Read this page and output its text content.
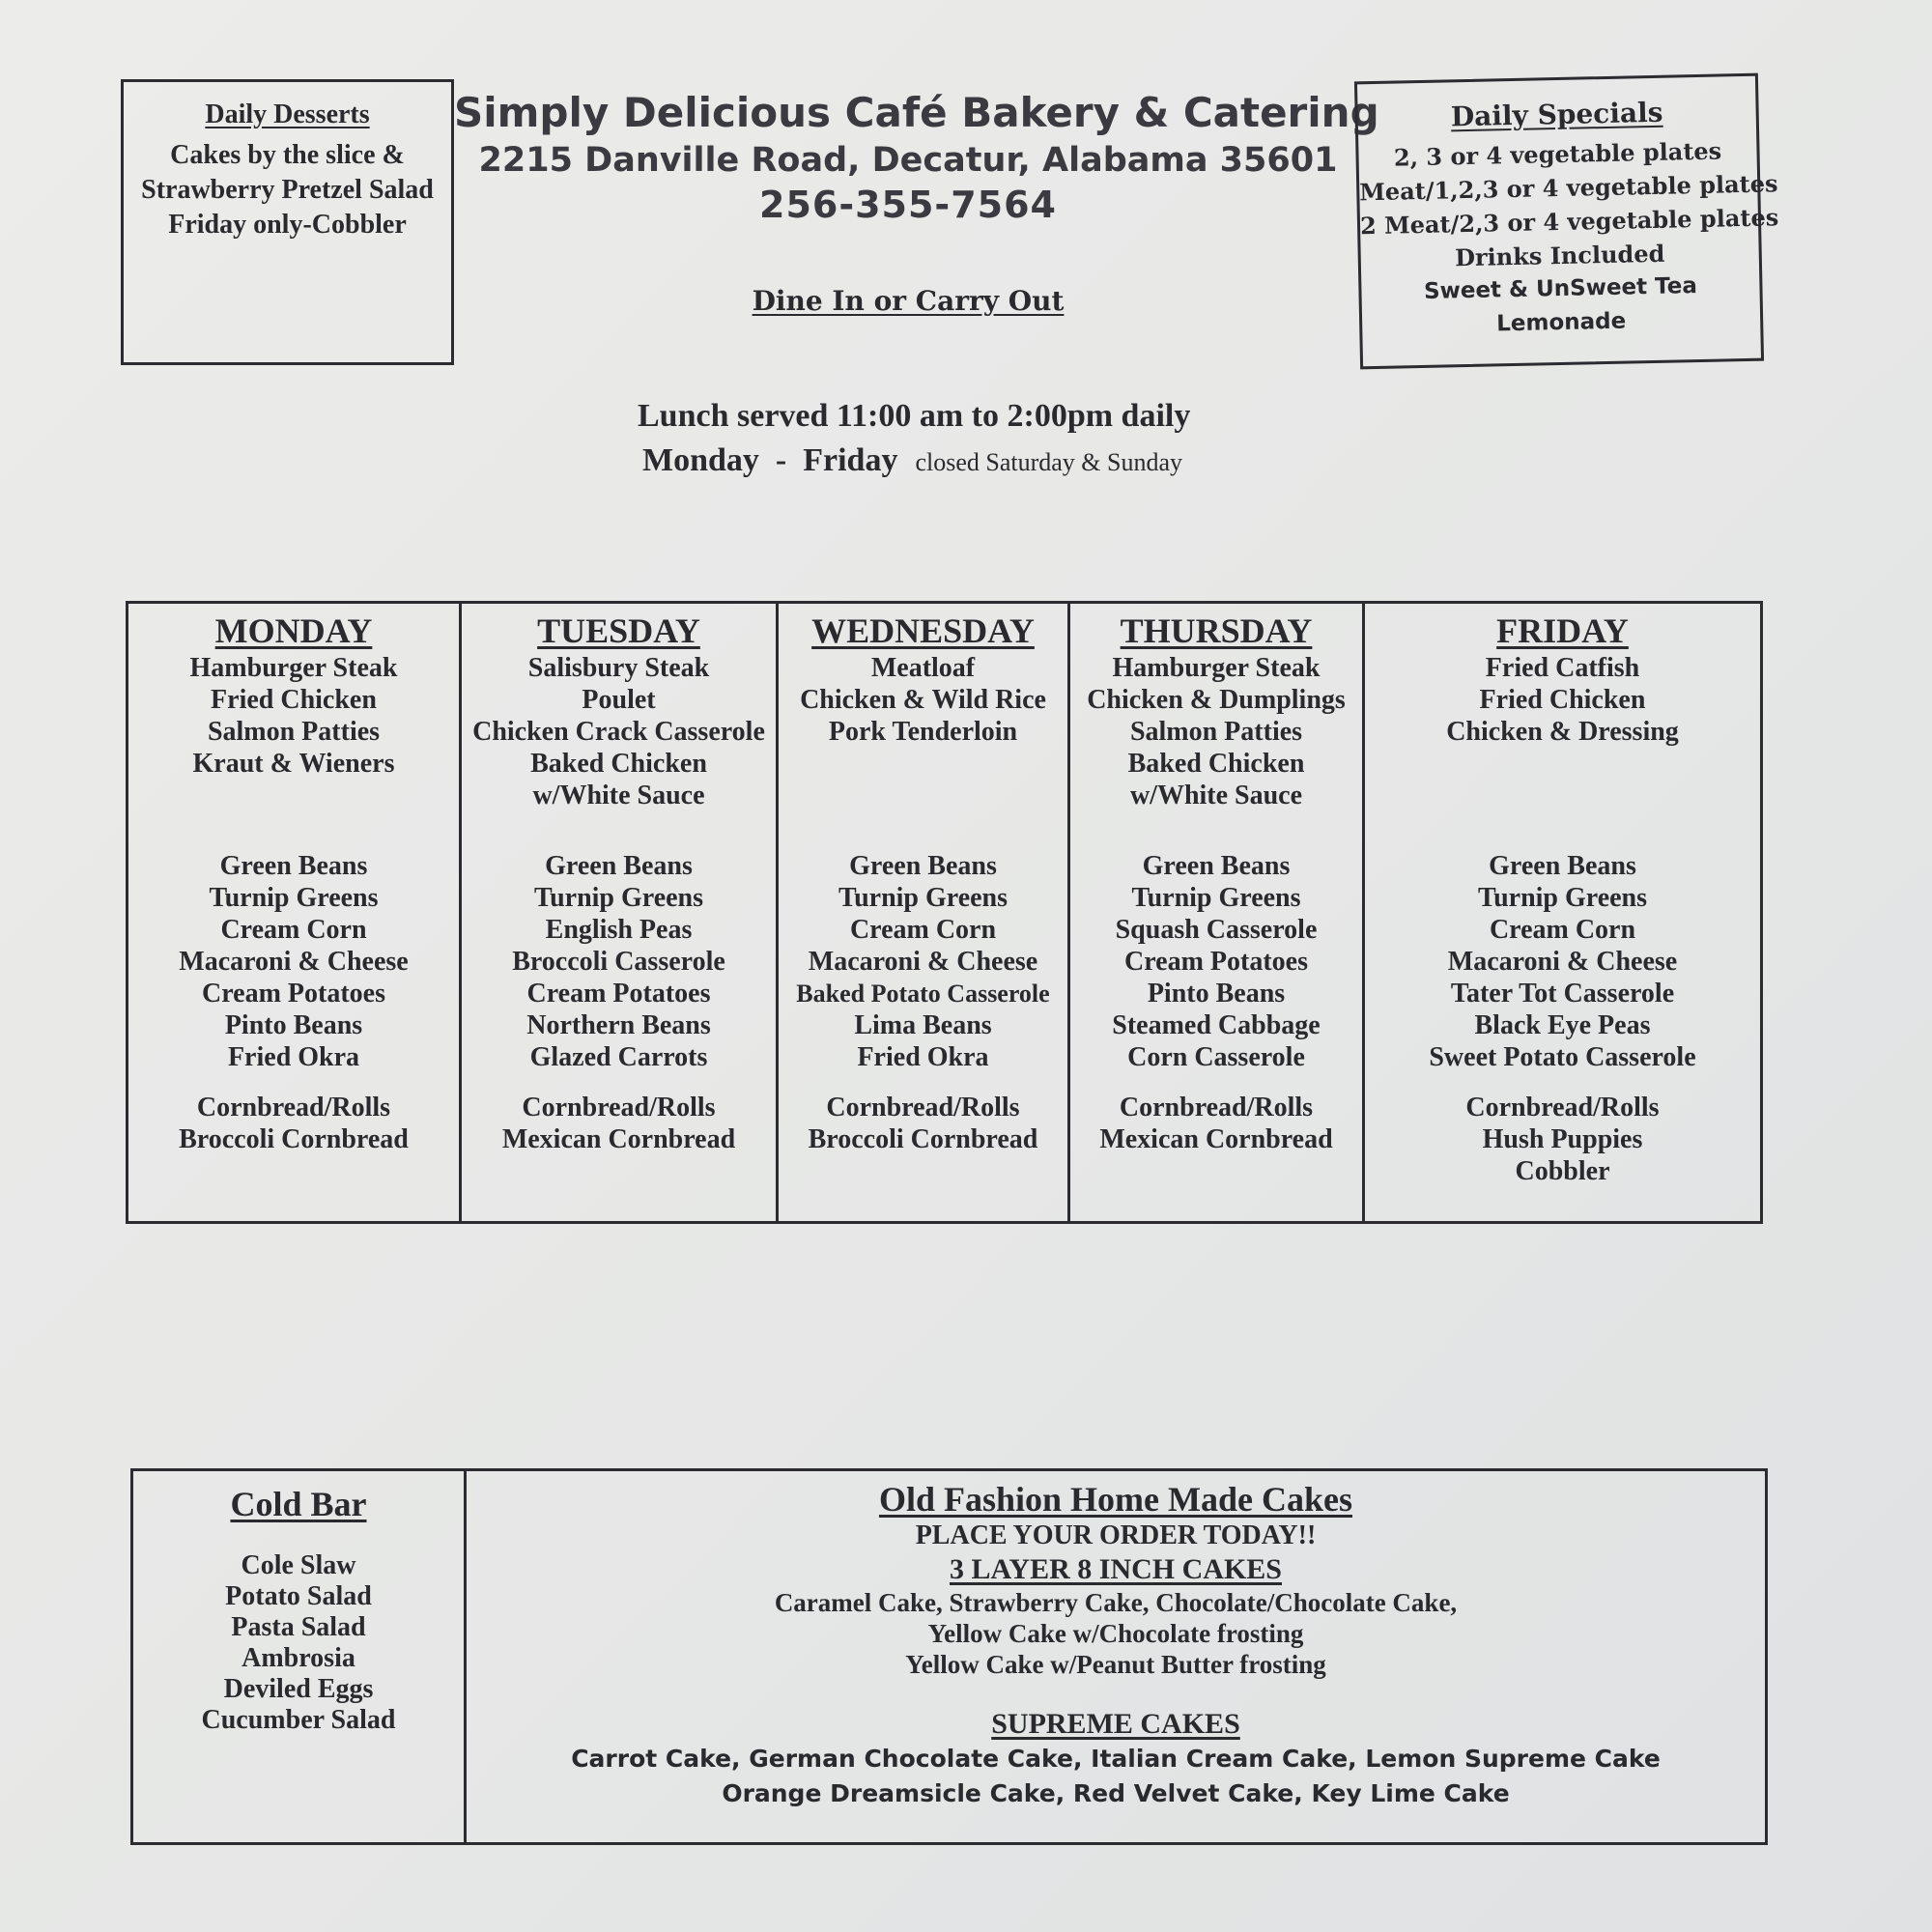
Daily Desserts
Cakes by the slice &
Strawberry Pretzel Salad
Friday only-Cobbler
Simply Delicious Café Bakery & Catering
2215 Danville Road, Decatur, Alabama 35601
256-355-7564
Dine In or Carry Out
Daily Specials
2, 3 or 4 vegetable plates
Meat/1,2,3 or 4 vegetable plates
2 Meat/2,3 or 4 vegetable plates
Drinks Included
Sweet & UnSweet Tea
Lemonade
Lunch served 11:00 am to 2:00pm daily
Monday  -  Friday closed Saturday & Sunday
MONDAY
Hamburger Steak
Fried Chicken
Salmon Patties
Kraut & Wieners
Green Beans
Turnip Greens
Cream Corn
Macaroni & Cheese
Cream Potatoes
Pinto Beans
Fried Okra
Cornbread/Rolls
Broccoli Cornbread
TUESDAY
Salisbury Steak
Poulet
Chicken Crack Casserole
Baked Chicken
w/White Sauce
Green Beans
Turnip Greens
English Peas
Broccoli Casserole
Cream Potatoes
Northern Beans
Glazed Carrots
Cornbread/Rolls
Mexican Cornbread
WEDNESDAY
Meatloaf
Chicken & Wild Rice
Pork Tenderloin
Green Beans
Turnip Greens
Cream Corn
Macaroni & Cheese
Baked Potato Casserole
Lima Beans
Fried Okra
Cornbread/Rolls
Broccoli Cornbread
THURSDAY
Hamburger Steak
Chicken & Dumplings
Salmon Patties
Baked Chicken
w/White Sauce
Green Beans
Turnip Greens
Squash Casserole
Cream Potatoes
Pinto Beans
Steamed Cabbage
Corn Casserole
Cornbread/Rolls
Mexican Cornbread
FRIDAY
Fried Catfish
Fried Chicken
Chicken & Dressing
Green Beans
Turnip Greens
Cream Corn
Macaroni & Cheese
Tater Tot Casserole
Black Eye Peas
Sweet Potato Casserole
Cornbread/Rolls
Hush Puppies
Cobbler
Cold Bar
Cole Slaw
Potato Salad
Pasta Salad
Ambrosia
Deviled Eggs
Cucumber Salad
Old Fashion Home Made Cakes
PLACE YOUR ORDER TODAY!!
3 LAYER 8 INCH CAKES
Caramel Cake, Strawberry Cake, Chocolate/Chocolate Cake,
Yellow Cake w/Chocolate frosting
Yellow Cake w/Peanut Butter frosting
SUPREME CAKES
Carrot Cake, German Chocolate Cake, Italian Cream Cake, Lemon Supreme Cake
Orange Dreamsicle Cake, Red Velvet Cake, Key Lime Cake
